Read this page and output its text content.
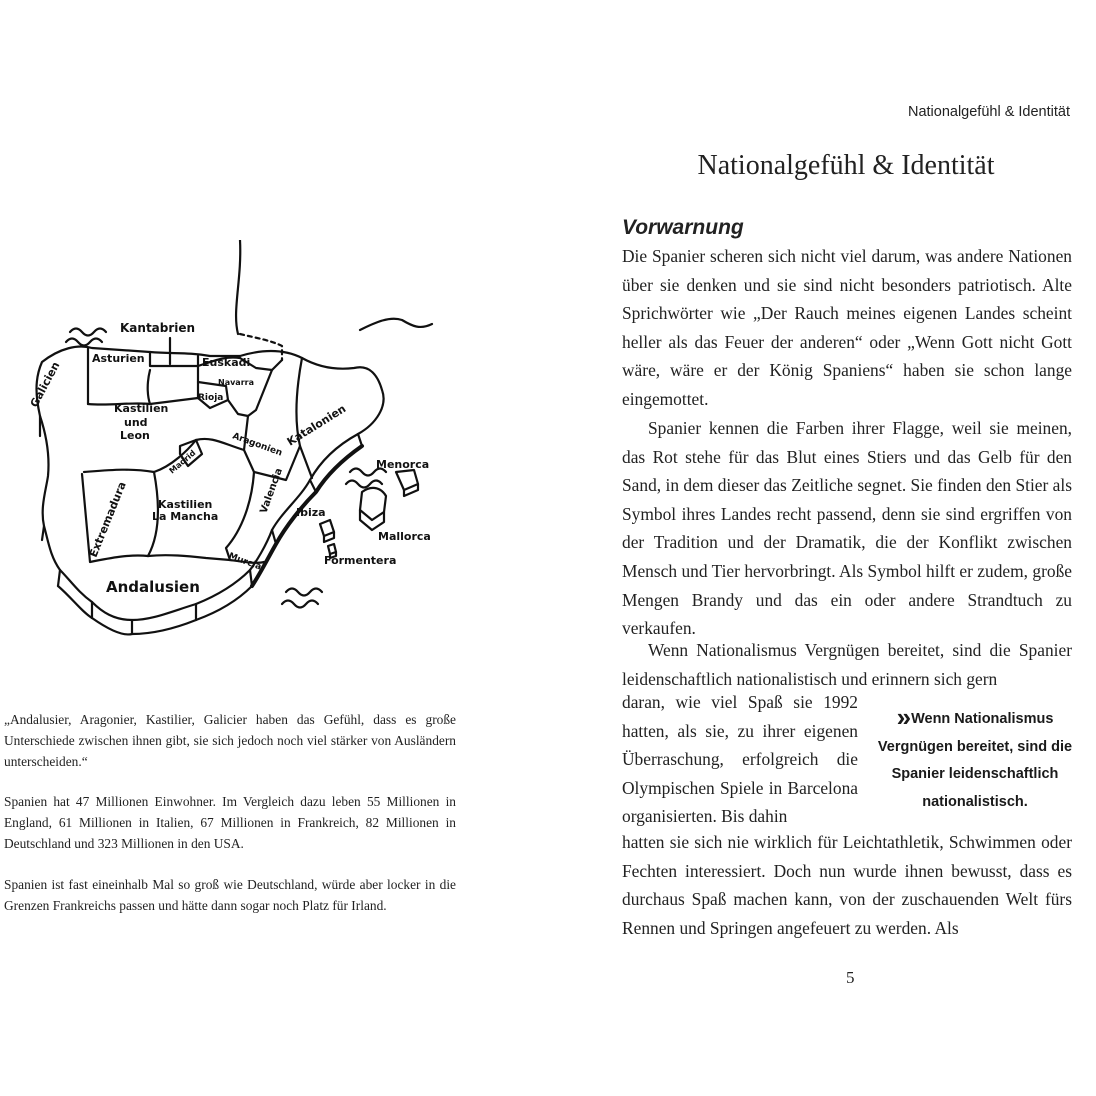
Nationalgefühl & Identität
Nationalgefühl & Identität
Vorwarnung

Die Spanier scheren sich nicht viel darum, was andere Nationen über sie denken und sie sind nicht besonders patriotisch. Alte Sprichwörter wie „Der Rauch meines eigenen Landes scheint heller als das Feuer der anderen“ oder „Wenn Gott nicht Gott wäre, wäre er der König Spaniens“ haben sie schon lange eingemottet.

Spanier kennen die Farben ihrer Flagge, weil sie meinen, das Rot stehe für das Blut eines Stiers und das Gelb für den Sand, in dem dieser das Zeitliche segnet. Sie finden den Stier als Symbol ihres Landes recht passend, denn sie sind ergriffen von der Tradition und der Dramatik, die der Konflikt zwischen Mensch und Tier hervorbringt. Als Symbol hilft er zudem, große Mengen Brandy und das ein oder andere Strandtuch zu verkaufen.

Wenn Nationalismus Vergnügen bereitet, sind die Spanier leidenschaftlich nationalistisch und erinnern sich gern

daran, wie viel Spaß sie 1992 hatten, als sie, zu ihrer eigenen Überraschung, erfolgreich die Olympischen Spiele in Barcelona organisierten. Bis dahin
hatten sie sich nie wirklich für Leichtathletik, Schwimmen oder Fechten interessiert. Doch nun wurde ihnen bewusst, dass es durchaus Spaß machen kann, von der zuschauenden Welt fürs Rennen und Springen angefeuert zu werden. Als
» Wenn Nationalismus Vergnügen bereitet, sind die Spanier leidenschaftlich nationalistisch.
5
Kantabrien
Galicien
Asturien	Euskadi
Navarra
Rioja
Kastilien
und
Leon	Aragonien Katalonien
Madrid
Valencia
Extremadura	Kastilien
La Mancha
Murcia
Andalusien
Menorca
Mallorca
Ibiza
Formentera

„Andalusier, Aragonier, Kastilier, Galicier haben das Gefühl, dass es große Unterschiede zwischen ihnen gibt, sie sich jedoch noch viel stärker von Ausländern unterscheiden.“

Spanien hat 47 Millionen Einwohner. Im Vergleich dazu leben 55 Millionen in England, 61 Millionen in Italien, 67 Millionen in Frankreich, 82 Millionen in Deutschland und 323 Millionen in den USA.

Spanien ist fast eineinhalb Mal so groß wie Deutschland, würde aber locker in die Grenzen Frankreichs passen und hätte dann sogar noch Platz für Irland.
